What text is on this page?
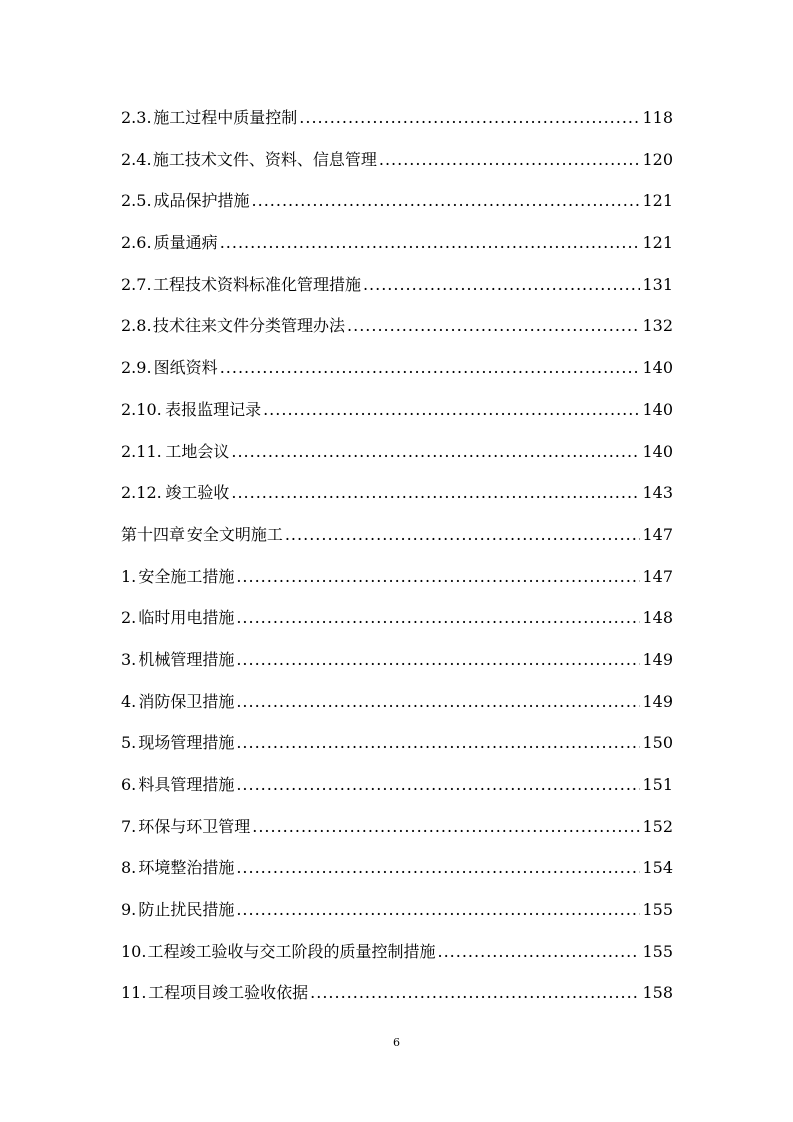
2.3. 施工过程中质量控制 .....	118
2.4. 施工技术文件、资料、信息管理 .....	120
2.5. 成品保护措施 .....	121
2.6. 质量通病 .....	121
2.7. 工程技术资料标准化管理措施 .....	131
2.8. 技术往来文件分类管理办法 .....	132
2.9. 图纸资料 .....	140
2.10. 表报监理记录 .....	140
2.11. 工地会议 .....	140
2.12. 竣工验收 .....	143
第十四章 安全文明施工 .....	147
1. 安全施工措施 .....	147
2. 临时用电措施 .....	148
3. 机械管理措施 .....	149
4. 消防保卫措施 .....	149
5. 现场管理措施 .....	150
6. 料具管理措施 .....	151
7. 环保与环卫管理 .....	152
8. 环境整治措施 .....	154
9. 防止扰民措施 .....	155
10. 工程竣工验收与交工阶段的质量控制措施 .....	155
11. 工程项目竣工验收依据 .....	158
6
